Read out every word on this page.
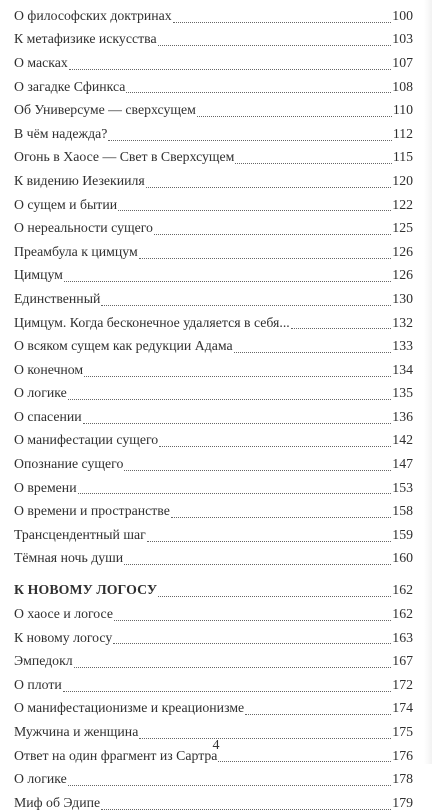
О философских доктринах	100
К метафизике искусства	103
О масках	107
О загадке Сфинкса	108
Об Универсуме — сверхсущем	110
В чём надежда?	112
Огонь в Хаосе — Свет в Сверхсущем	115
К видению Иезекииля	120
О сущем и бытии	122
О нереальности сущего	125
Преамбула к цимцум	126
Цимцум	126
Единственный	130
Цимцум. Когда бесконечное удаляется в себя...	132
О всяком сущем как редукции Адама	133
О конечном	134
О логике	135
О спасении	136
О манифестации сущего	142
Опознание сущего	147
О времени	153
О времени и пространстве	158
Трансцендентный шаг	159
Тёмная ночь души	160
К НОВОМУ ЛОГОСУ	162
О хаосе и логосе	162
К новому логосу	163
Эмпедокл	167
О плоти	172
О манифестационизме и креационизме	174
Мужчина и женщина	175
Ответ на один фрагмент из Сартра	176
О логике	178
Миф об Эдипе	179
4
